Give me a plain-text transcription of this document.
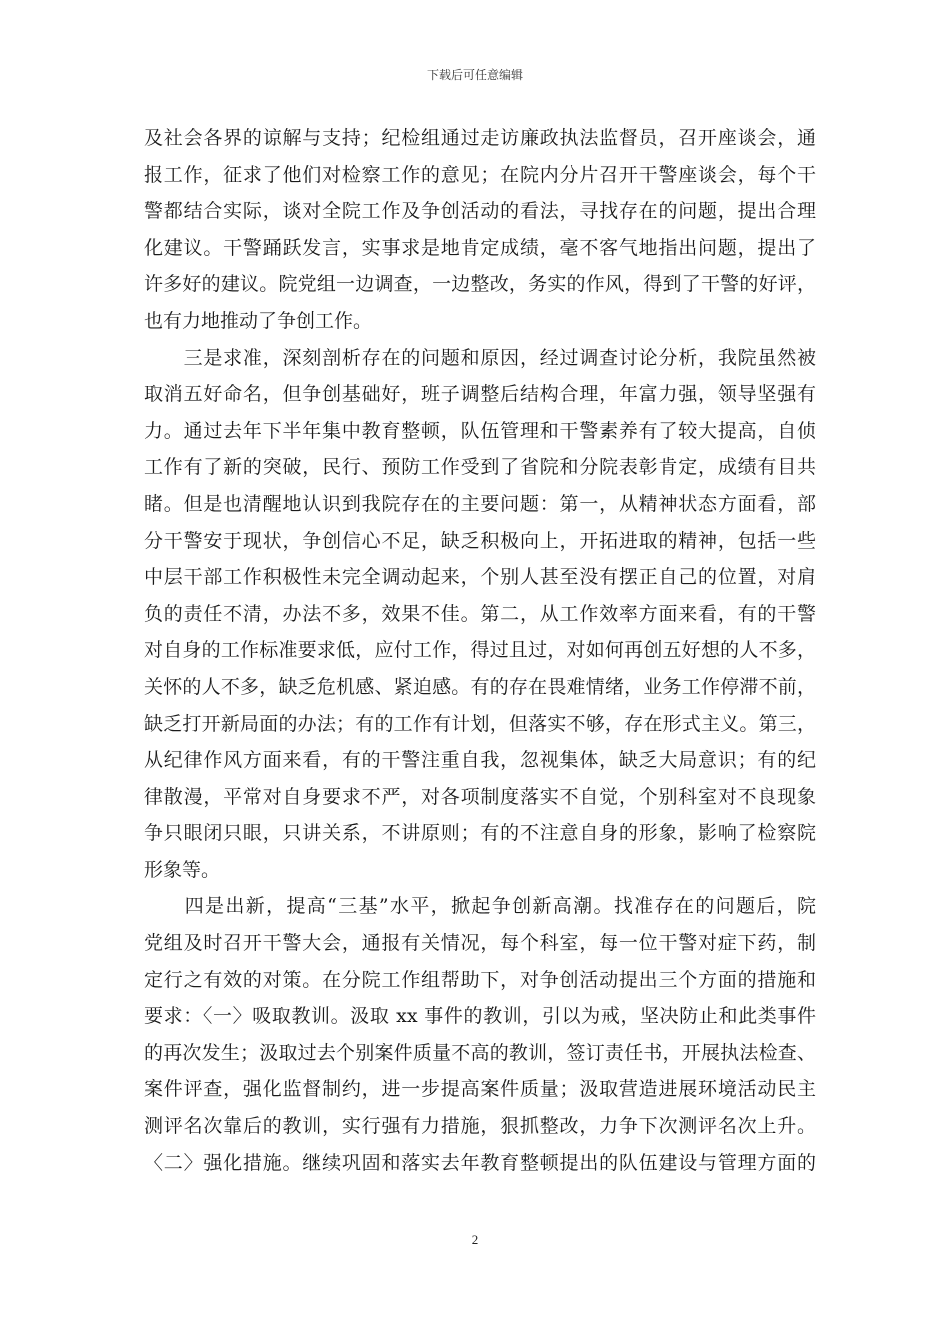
下载后可任意编辑
及社会各界的谅解与支持；纪检组通过走访廉政执法监督员，召开座谈会，通
报工作，征求了他们对检察工作的意见；在院内分片召开干警座谈会，每个干
警都结合实际，谈对全院工作及争创活动的看法，寻找存在的问题，提出合理
化建议。干警踊跃发言，实事求是地肯定成绩，毫不客气地指出问题，提出了
许多好的建议。院党组一边调查，一边整改，务实的作风，得到了干警的好评，
也有力地推动了争创工作。
　　三是求准，深刻剖析存在的问题和原因，经过调查讨论分析，我院虽然被
取消五好命名，但争创基础好，班子调整后结构合理，年富力强，领导坚强有
力。通过去年下半年集中教育整顿，队伍管理和干警素养有了较大提高，自侦
工作有了新的突破，民行、预防工作受到了省院和分院表彰肯定，成绩有目共
睹。但是也清醒地认识到我院存在的主要问题：第一，从精神状态方面看，部
分干警安于现状，争创信心不足，缺乏积极向上，开拓进取的精神，包括一些
中层干部工作积极性未完全调动起来，个别人甚至没有摆正自己的位置，对肩
负的责任不清，办法不多，效果不佳。第二，从工作效率方面来看，有的干警
对自身的工作标准要求低，应付工作，得过且过，对如何再创五好想的人不多，
关怀的人不多，缺乏危机感、紧迫感。有的存在畏难情绪，业务工作停滞不前，
缺乏打开新局面的办法；有的工作有计划，但落实不够，存在形式主义。第三，
从纪律作风方面来看，有的干警注重自我，忽视集体，缺乏大局意识；有的纪
律散漫，平常对自身要求不严，对各项制度落实不自觉，个别科室对不良现象
争只眼闭只眼，只讲关系，不讲原则；有的不注意自身的形象，影响了检察院
形象等。
　　四是出新，提高“三基”水平，掀起争创新高潮。找准存在的问题后，院
党组及时召开干警大会，通报有关情况，每个科室，每一位干警对症下药，制
定行之有效的对策。在分院工作组帮助下，对争创活动提出三个方面的措施和
要求：〈一〉吸取教训。汲取 xx 事件的教训，引以为戒，坚决防止和此类事件
的再次发生；汲取过去个别案件质量不高的教训，签订责任书，开展执法检查、
案件评查，强化监督制约，进一步提高案件质量；汲取营造进展环境活动民主
测评名次靠后的教训，实行强有力措施，狠抓整改，力争下次测评名次上升。
〈二〉强化措施。继续巩固和落实去年教育整顿提出的队伍建设与管理方面的
2
